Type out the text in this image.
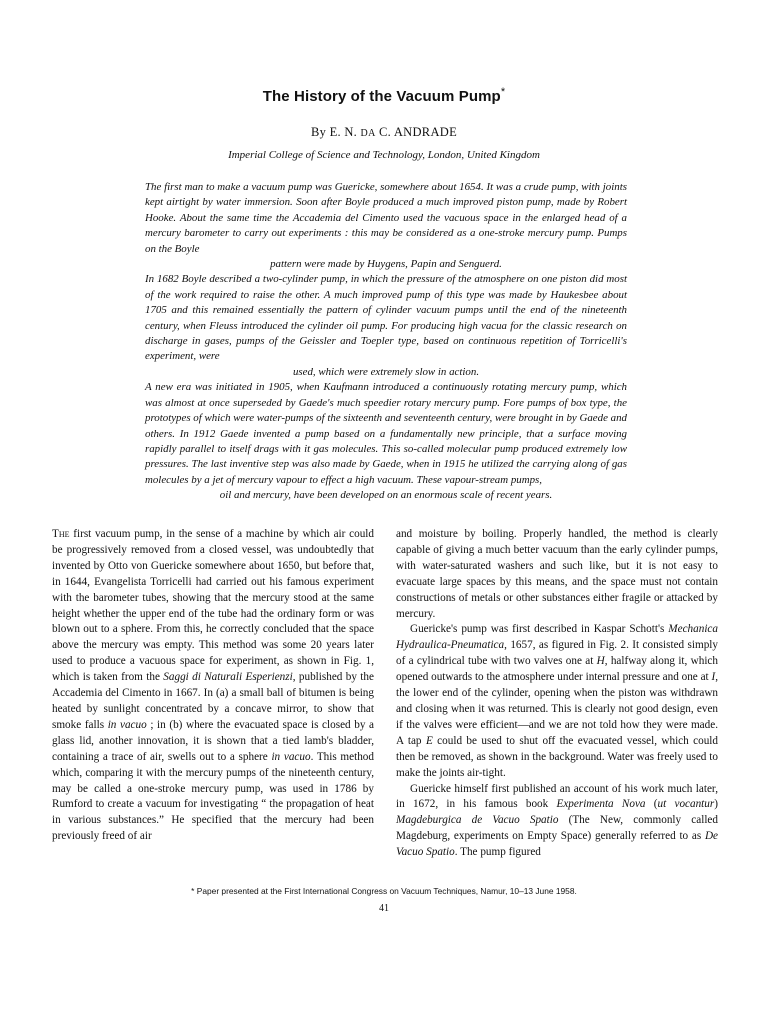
The History of the Vacuum Pump*
By E. N. DA C. ANDRADE
Imperial College of Science and Technology, London, United Kingdom

The first man to make a vacuum pump was Guericke, somewhere about 1654. It was a crude pump, with joints kept airtight by water immersion. Soon after Boyle produced a much improved piston pump, made by Robert Hooke. About the same time the Accademia del Cimento used the vacuous space in the enlarged head of a mercury barometer to carry out experiments : this may be considered as a one-stroke mercury pump. Pumps on the Boyle
pattern were made by Huygens, Papin and Senguerd.

In 1682 Boyle described a two-cylinder pump, in which the pressure of the atmosphere on one piston did most of the work required to raise the other. A much improved pump of this type was made by Haukesbee about 1705 and this remained essentially the pattern of cylinder vacuum pumps until the end of the nineteenth century, when Fleuss introduced the cylinder oil pump. For producing high vacua for the classic research on discharge in gases, pumps of the Geissler and Toepler type, based on continuous repetition of Torricelli's experiment, were
used, which were extremely slow in action.

A new era was initiated in 1905, when Kaufmann introduced a continuously rotating mercury pump, which was almost at once superseded by Gaede's much speedier rotary mercury pump. Fore pumps of box type, the prototypes of which were water-pumps of the sixteenth and seventeenth century, were brought in by Gaede and others. In 1912 Gaede invented a pump based on a fundamentally new principle, that a surface moving rapidly parallel to itself drags with it gas molecules. This so-called molecular pump produced extremely low pressures. The last inventive step was also made by Gaede, when in 1915 he utilized the carrying along of gas molecules by a jet of mercury vapour to effect a high vacuum. These vapour-stream pumps,
oil and mercury, have been developed on an enormous scale of recent years.

The first vacuum pump, in the sense of a machine by which air could be progressively removed from a closed vessel, was undoubtedly that invented by Otto von Guericke somewhere about 1650, but before that, in 1644, Evangelista Torricelli had carried out his famous experiment with the barometer tubes, showing that the mercury stood at the same height whether the upper end of the tube had the ordinary form or was blown out to a sphere. From this, he correctly concluded that the space above the mercury was empty. This method was some 20 years later used to produce a vacuous space for experiment, as shown in Fig. 1, which is taken from the Saggi di Naturali Esperienzi, published by the Accademia del Cimento in 1667. In (a) a small ball of bitumen is being heated by sunlight concentrated by a concave mirror, to show that smoke falls in vacuo ; in (b) where the evacuated space is closed by a glass lid, another innovation, it is shown that a tied lamb's bladder, containing a trace of air, swells out to a sphere in vacuo. This method which, comparing it with the mercury pumps of the nineteenth century, may be called a one-stroke mercury pump, was used in 1786 by Rumford to create a vacuum for investigating “ the propagation of heat in various substances.” He specified that the mercury had been previously freed of air

and moisture by boiling. Properly handled, the method is clearly capable of giving a much better vacuum than the early cylinder pumps, with water-saturated washers and such like, but it is not easy to evacuate large spaces by this means, and the space must not contain constructions of metals or other substances either fragile or attacked by mercury.

Guericke's pump was first described in Kaspar Schott's Mechanica Hydraulica-Pneumatica, 1657, as figured in Fig. 2. It consisted simply of a cylindrical tube with two valves one at H, halfway along it, which opened outwards to the atmosphere under internal pressure and one at I, the lower end of the cylinder, opening when the piston was withdrawn and closing when it was returned. This is clearly not good design, even if the valves were efficient—and we are not told how they were made. A tap E could be used to shut off the evacuated vessel, which could then be removed, as shown in the background. Water was freely used to make the joints air-tight.

Guericke himself first published an account of his work much later, in 1672, in his famous book Experimenta Nova (ut vocantur) Magdeburgica de Vacuo Spatio (The New, commonly called Magdeburg, experiments on Empty Space) generally referred to as De Vacuo Spatio. The pump figured

* Paper presented at the First International Congress on Vacuum Techniques, Namur, 10–13 June 1958.
41
